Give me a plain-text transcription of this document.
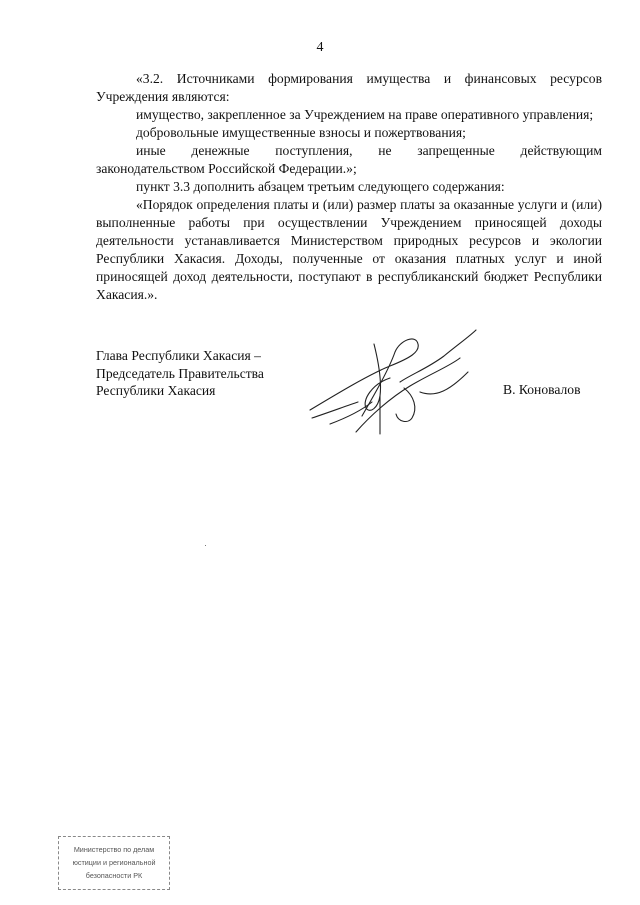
4

«3.2. Источниками формирования имущества и финансовых ресурсов Учреждения являются:

имущество, закрепленное за Учреждением на праве оперативного управления;

добровольные имущественные взносы и пожертвования;

иные денежные поступления, не запрещенные действующим законодательством Российской Федерации.»;

пункт 3.3 дополнить абзацем третьим следующего содержания:

«Порядок определения платы и (или) размер платы за оказанные услуги и (или) выполненные работы при осуществлении Учреждением приносящей доходы деятельности устанавливается Министерством природных ресурсов и экологии Республики Хакасия. Доходы, полученные от оказания платных услуг и иной приносящей доход деятельности, поступают в республиканский бюджет Республики Хакасия.».

Глава Республики Хакасия –
Председатель Правительства
Республики Хакасия	В. Коновалов
Министерство по делам
юстиции и региональной
безопасности РК
